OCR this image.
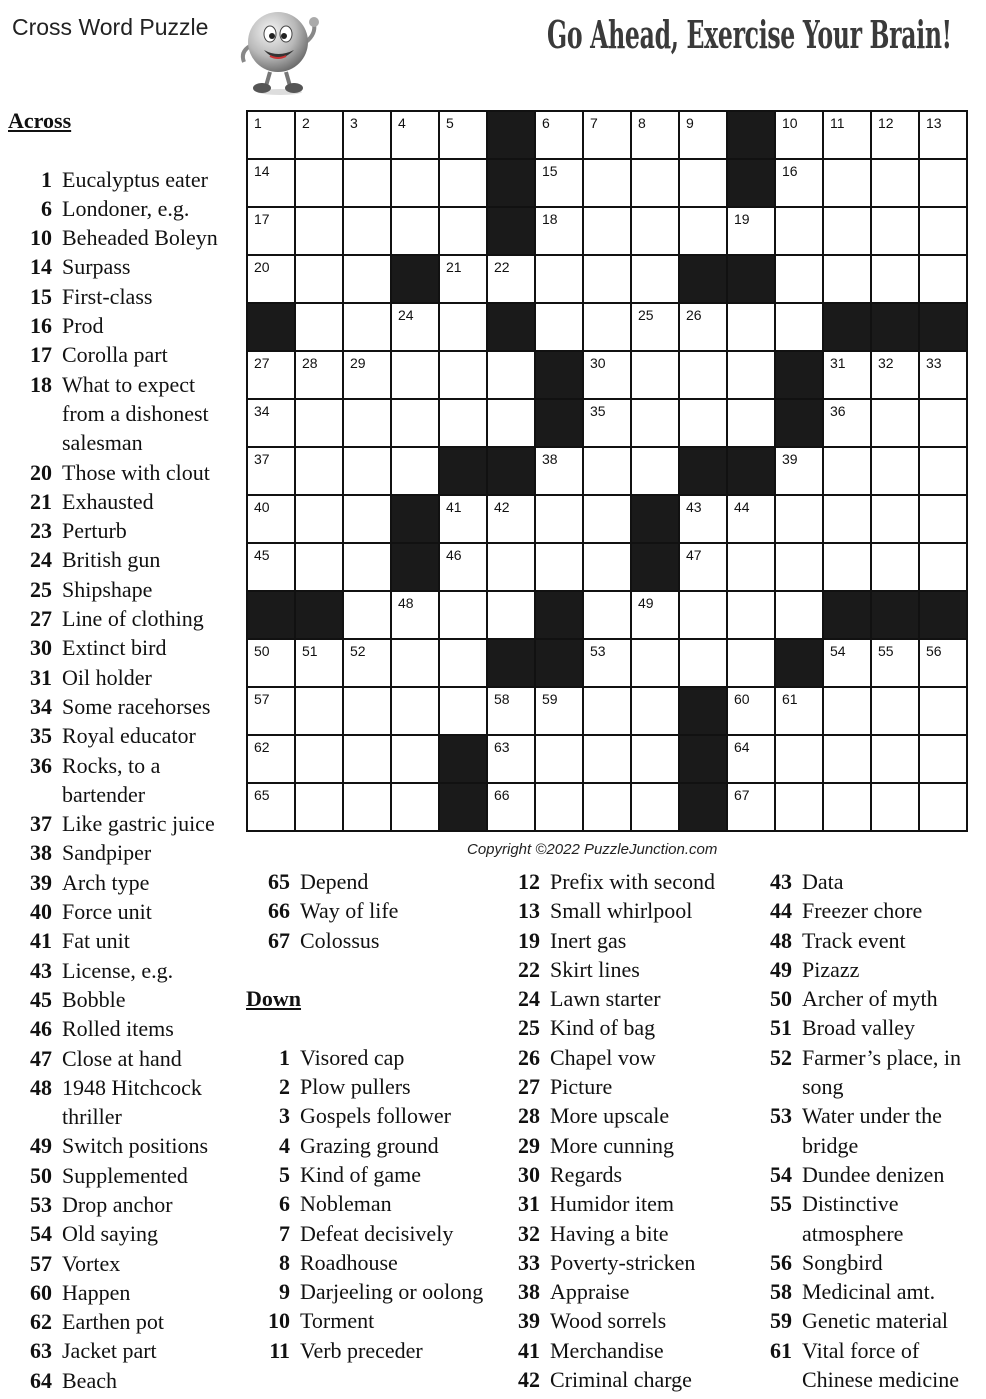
Cross Word Puzzle	Go Ahead, Exercise Your Brain!
1	2	3	4	5	6	7	8	9	10 11 12 13
14	15	16
17	18	19
20	21 22
24	25 26
27 28 29	30	31 32 33
34	35	36
37	38	39
40	41 42	43 44
45	46	47
48	49
50 51 52	53	54 55 56
57	58 59	60 61
62	63	64
65	66	67
Copyright ©2022 PuzzleJunction.com
Across
1 Eucalyptus eater
6 Londoner, e.g.
10 Beheaded Boleyn
14 Surpass
15 First-class
16 Prod
17 Corolla part
18 What to expect from a dishonest salesman
20 Those with clout
21 Exhausted
23 Perturb
24 British gun
25 Shipshape
27 Line of clothing
30 Extinct bird
31 Oil holder
34 Some racehorses
35 Royal educator
36 Rocks, to a bartender
37 Like gastric juice
38 Sandpiper
39 Arch type
40 Force unit
41 Fat unit
43 License, e.g.
45 Bobble
46 Rolled items
47 Close at hand
48 1948 Hitchcock thriller
49 Switch positions
50 Supplemented
53 Drop anchor
54 Old saying
57 Vortex
60 Happen
62 Earthen pot
63 Jacket part
64 Beach
65 Depend
66 Way of life
67 Colossus
Down
1 Visored cap
2 Plow pullers
3 Gospels follower
4 Grazing ground
5 Kind of game
6 Nobleman
7 Defeat decisively
8 Roadhouse
9 Darjeeling or oolong
10 Torment
11 Verb preceder
12 Prefix with second
13 Small whirlpool
19 Inert gas
22 Skirt lines
24 Lawn starter
25 Kind of bag
26 Chapel vow
27 Picture
28 More upscale
29 More cunning
30 Regards
31 Humidor item
32 Having a bite
33 Poverty-stricken
38 Appraise
39 Wood sorrels
41 Merchandise
42 Criminal charge
43 Data
44 Freezer chore
48 Track event
49 Pizazz
50 Archer of myth
51 Broad valley
52 Farmer’s place, in song
53 Water under the bridge
54 Dundee denizen
55 Distinctive atmosphere
56 Songbird
58 Medicinal amt.
59 Genetic material
61 Vital force of Chinese medicine
